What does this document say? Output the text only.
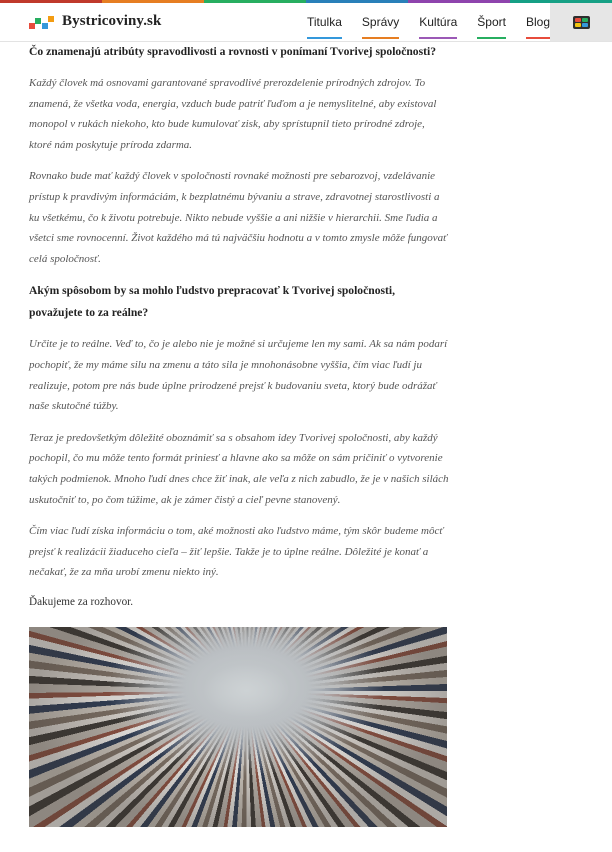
Bystricoviny.sk	Titulka Správy Kultúra Šport Blog

Čo znamenajú atribúty spravodlivosti a rovnosti v ponímaní Tvorivej spoločnosti?

Každý človek má osnovami garantované spravodlivé prerozdelenie prírodných zdrojov. To znamená, že všetka voda, energia, vzduch bude patriť ľuďom a je nemyslitelné, aby existoval monopol v rukách niekoho, kto bude kumulovať zisk, aby sprístupnil tieto prírodné zdroje, ktoré nám poskytuje príroda zdarma.

Rovnako bude mať každý človek v spoločnosti rovnaké možnosti pre sebarozvoj, vzdelávanie prístup k pravdivým informáciám, k bezplatnému bývaniu a strave, zdravotnej starostlivosti a ku všetkému, čo k životu potrebuje. Nikto nebude vyššie a ani nižšie v hierarchii. Sme ľudia a všetci sme rovnocenní. Život každého má tú najväčšiu hodnotu a v tomto zmysle môže fungovať celá spoločnosť.

Akým spôsobom by sa mohlo ľudstvo prepracovať k Tvorivej spoločnosti, považujete to za reálne?

Určite je to reálne. Veď to, čo je alebo nie je možné si určujeme len my sami. Ak sa nám podarí pochopiť, že my máme silu na zmenu a táto sila je mnohonásobne vyššia, čím viac ľudí ju realizuje, potom pre nás bude úplne prirodzené prejsť k budovaniu sveta, ktorý bude odrážať naše skutočné túžby.

Teraz je predovšetkým dôležité oboznámiť sa s obsahom idey Tvorivej spoločnosti, aby každý pochopil, čo mu môže tento formát priniesť a hlavne ako sa môže on sám pričiniť o vytvorenie takých podmienok. Mnoho ľudí dnes chce žiť inak, ale veľa z nich zabudlo, že je v našich silách uskutočniť to, po čom túžime, ak je zámer čistý a cieľ pevne stanovený.

Čím viac ľudí získa informáciu o tom, aké možnosti ako ľudstvo máme, tým skôr budeme môcť prejsť k realizácii žiaduceho cieľa – žiť lepšie. Takže je to úplne reálne. Dôležité je konať a nečakať, že za mňa urobí zmenu niekto iný.

Ďakujeme za rozhovor.
